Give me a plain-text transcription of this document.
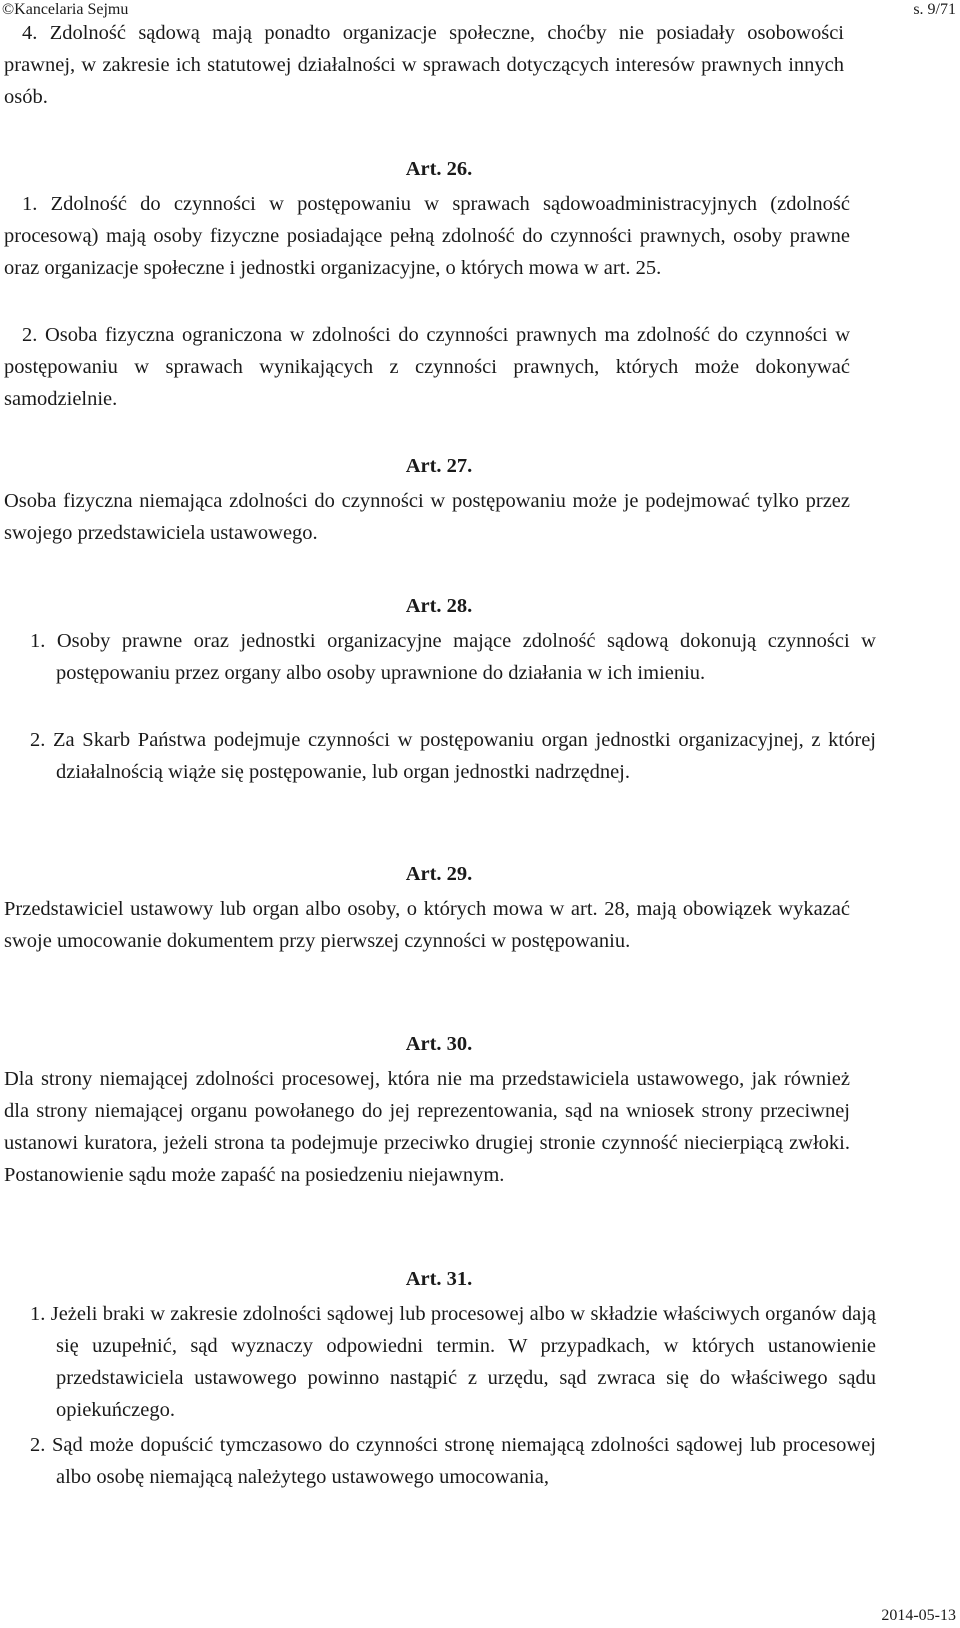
©Kancelaria Sejmu	s. 9/71
4. Zdolność sądową mają ponadto organizacje społeczne, choćby nie posiadały osobowości prawnej, w zakresie ich statutowej działalności w sprawach dotyczących interesów prawnych innych osób.
Art. 26.
1. Zdolność do czynności w postępowaniu w sprawach sądowoadministracyjnych (zdolność procesową) mają osoby fizyczne posiadające pełną zdolność do czynności prawnych, osoby prawne oraz organizacje społeczne i jednostki organizacyjne, o których mowa w art. 25.
2. Osoba fizyczna ograniczona w zdolności do czynności prawnych ma zdolność do czynności w postępowaniu w sprawach wynikających z czynności prawnych, których może dokonywać samodzielnie.
Art. 27.
Osoba fizyczna niemająca zdolności do czynności w postępowaniu może je podejmować tylko przez swojego przedstawiciela ustawowego.
Art. 28.
1. Osoby prawne oraz jednostki organizacyjne mające zdolność sądową dokonują czynności w postępowaniu przez organy albo osoby uprawnione do działania w ich imieniu.
2. Za Skarb Państwa podejmuje czynności w postępowaniu organ jednostki organizacyjnej, z której działalnością wiąże się postępowanie, lub organ jednostki nadrzędnej.
Art. 29.
Przedstawiciel ustawowy lub organ albo osoby, o których mowa w art. 28, mają obowiązek wykazać swoje umocowanie dokumentem przy pierwszej czynności w postępowaniu.
Art. 30.
Dla strony niemającej zdolności procesowej, która nie ma przedstawiciela ustawowego, jak również dla strony niemającej organu powołanego do jej reprezentowania, sąd na wniosek strony przeciwnej ustanowi kuratora, jeżeli strona ta podejmuje przeciwko drugiej stronie czynność niecierpiącą zwłoki. Postanowienie sądu może zapaść na posiedzeniu niejawnym.
Art. 31.
1. Jeżeli braki w zakresie zdolności sądowej lub procesowej albo w składzie właściwych organów dają się uzupełnić, sąd wyznaczy odpowiedni termin. W przypadkach, w których ustanowienie przedstawiciela ustawowego powinno nastąpić z urzędu, sąd zwraca się do właściwego sądu opiekuńczego.
2. Sąd może dopuścić tymczasowo do czynności stronę niemającą zdolności sądowej lub procesowej albo osobę niemającą należytego ustawowego umocowania,
2014-05-13
